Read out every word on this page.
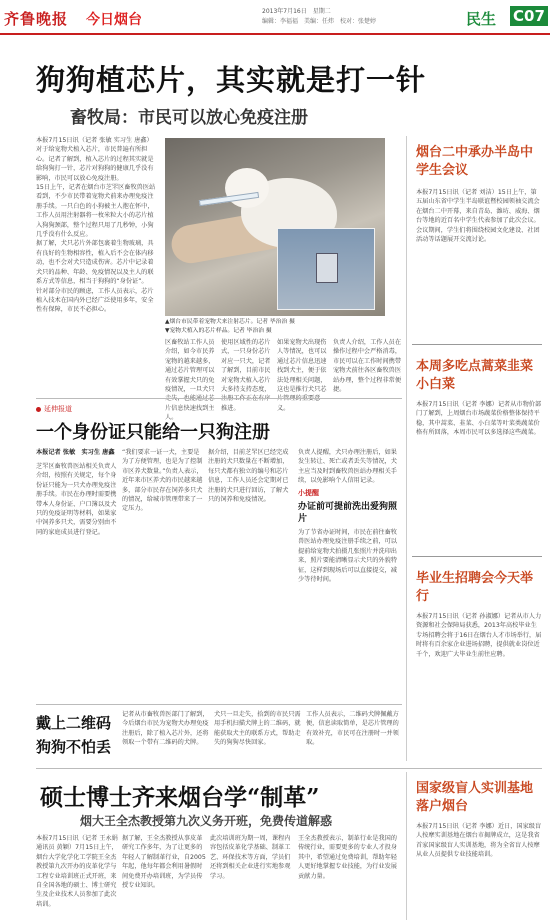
齐鲁晚报 今日烟台
2013年7月16日　星期二
编辑：李福福　美编：任炜　校对：张楚婷	民生 C07
狗狗植芯片，其实就是打一针
畜牧局：市民可以放心免疫注册

本报7月15日讯（记者 张敏 实习生 唐鑫）对于给宠物犬植入芯片，市民普遍有所担心。记者了解到，植入芯片的过程其实就是给狗狗打一针，芯片对狗狗的健康几乎没有影响，市民可以放心免疫注册。

15日上午，记者在烟台市芝罘区畜牧兽医站看到，不少市民带着宠物犬前来办理免疫注册手续。一只白色的小狗被主人抱在怀中，工作人员用注射器将一枚米粒大小的芯片植入狗狗颈部，整个过程只用了几秒钟，小狗几乎没有什么反应。

据了解，犬只芯片外部包裹着生物玻璃，具有良好的生物相容性，植入后不会在体内移动，也不会对犬只造成伤害。芯片中记录着犬只的品种、年龄、免疫情况以及主人的联系方式等信息，相当于狗狗的“身份证”。

针对部分市民的顾虑，工作人员表示，芯片植入技术在国内外已经广泛使用多年，安全性有保障，市民不必担心。

▲烟台市民带着宠物犬来注射芯片。记者 毕治治 摄
▼宠物犬植入的芯片样品。记者 毕治治 摄
区畜牧站工作人员介绍，如今市民养宠物的越来越多，通过芯片管理可以有效掌握犬只的免疫情况，一旦犬只 片信息快速找到主人。
使用区域性的芯片式，一只身份芯片对应一只犬，记者了解到，目前市民对宠物犬植入芯片大多持支持态度， 推进。
如果宠物犬出现伤人等情况，也可以通过芯片信息迅速找到犬主，便于依法处理相关问题，这也是推行犬只芯 义。
负责人介绍，工作人员在操作过程中会严格消毒，市民可以在工作时间携带宠物犬前往各区畜牧兽医站办理，整个过程非常便捷。
烟台二中承办半岛中学生会议
本报7月15日讯（记者 刘洁）15日上午，第五届山东省中学生半岛联谊暨校园领袖交流会在烟台二中开幕，来自青岛、潍坊、威海、烟台等地的近百名中学生代表参加了此次会议。会议期间，学生们将围绕校园文化建设、社团活动等话题展开交流讨论。
本周多吃点蒿菜韭菜小白菜
本报7月15日讯（记者 李娜）记者从市物价部门了解到，上周烟台市场蔬菜价格整体保持平稳，其中蒿菜、韭菜、小白菜等叶菜类蔬菜价格有所回落，本周市民可以多选择这些蔬菜。
毕业生招聘会今天举行
本报7月15日讯（记者 孙淑娜）记者从市人力资源和社会保障局获悉，2013年高校毕业生专场招聘会将于16日在烟台人才市场举行，届时将有百余家企业进场招聘，提供就业岗位近千个，欢迎广大毕业生前往应聘。
延伸报道
一个身份证只能给一只狗注册
本报记者 张敏　实习生 唐鑫
芝罘区畜牧兽医站相关负责人介绍，按照有关规定，每个身份证只能为一只犬办理免疫注册手续。市民在办理时需要携带本人身份证、户口簿以及犬只的免疫证明等材料，如果家中饲养多只犬，需要分别由不同的家庭成员进行登记。
“我们要求一证一犬，主要是为了方便管理，也是为了控制市区养犬数量。”负责人表示，近年来市区养犬的市民越来越多，部分市民存在饲养多只犬的情况，给城市管理带来了一定压力。
据介绍，目前芝罘区已经完成注册的犬只数量在不断增加，每只犬都有独立的编号和芯片信息，工作人员还会定期对已注册的犬只进行回访，了解犬只的饲养和免疫情况。
负责人提醒，犬只办理注册后，如果发生转让、死亡或者丢失等情况，犬主应当及时到畜牧兽医站办理相关手续，以免影响个人信用记录。
小提醒
办证前可提前洗出爱狗照片
为了节省办证时间，市民在前往畜牧兽医站办理免疫注册手续之前，可以提前给宠物犬拍摄几张照片并洗印出来，照片要能清晰显示犬只的外貌特征，这样到现场后可以直接提交，减少等待时间。
戴上二维码
狗狗不怕丢
记者从市畜牧兽医部门了解到，今后烟台市民为宠物犬办理免疫注册后，除了植入芯片外，还将领取一个带有二维码的犬牌。
犬只一旦走失，拾到的市民只需用手机扫描犬牌上的二维码，就能获取犬主的联系方式，帮助走失的狗狗尽快回家。
工作人员表示，二维码犬牌佩戴方便，信息读取简单，是芯片管理的有效补充，市民可在注册时一并领取。
硕士博士齐来烟台学“制革”
烟大王全杰教授第九次义务开班，免费传道解惑
本报7月15日讯（记者 王永娟 通讯员 黄颖）7月15日上午，烟台大学化学化工学院王全杰教授第九次开办的皮革化学与工程专业培训班正式开班，来自全国各地的硕士、博士研究生及企业技术人员参加了此次培训。
据了解，王全杰教授从事皮革研究工作多年，为了让更多的年轻人了解制革行业，自2005年起，他每年都会利用暑假时间免费开办培训班，为学员传授专业知识。
此次培训班为期一周，课程内容包括皮革化学基础、制革工艺、环保技术等方面，学员们还将到相关企业进行实地参观学习。
王全杰教授表示，制革行业是我国的传统行业，需要更多的专业人才投身其中，希望通过免费培训，帮助年轻人更好地掌握专业技能，为行业发展贡献力量。
国家级盲人实训基地落户烟台
本报7月15日讯（记者 李娜）近日，国家级盲人按摩实训基地在烟台市揭牌成立，这是我省首家国家级盲人实训基地，将为全省盲人按摩从业人员提供专业技能培训。
